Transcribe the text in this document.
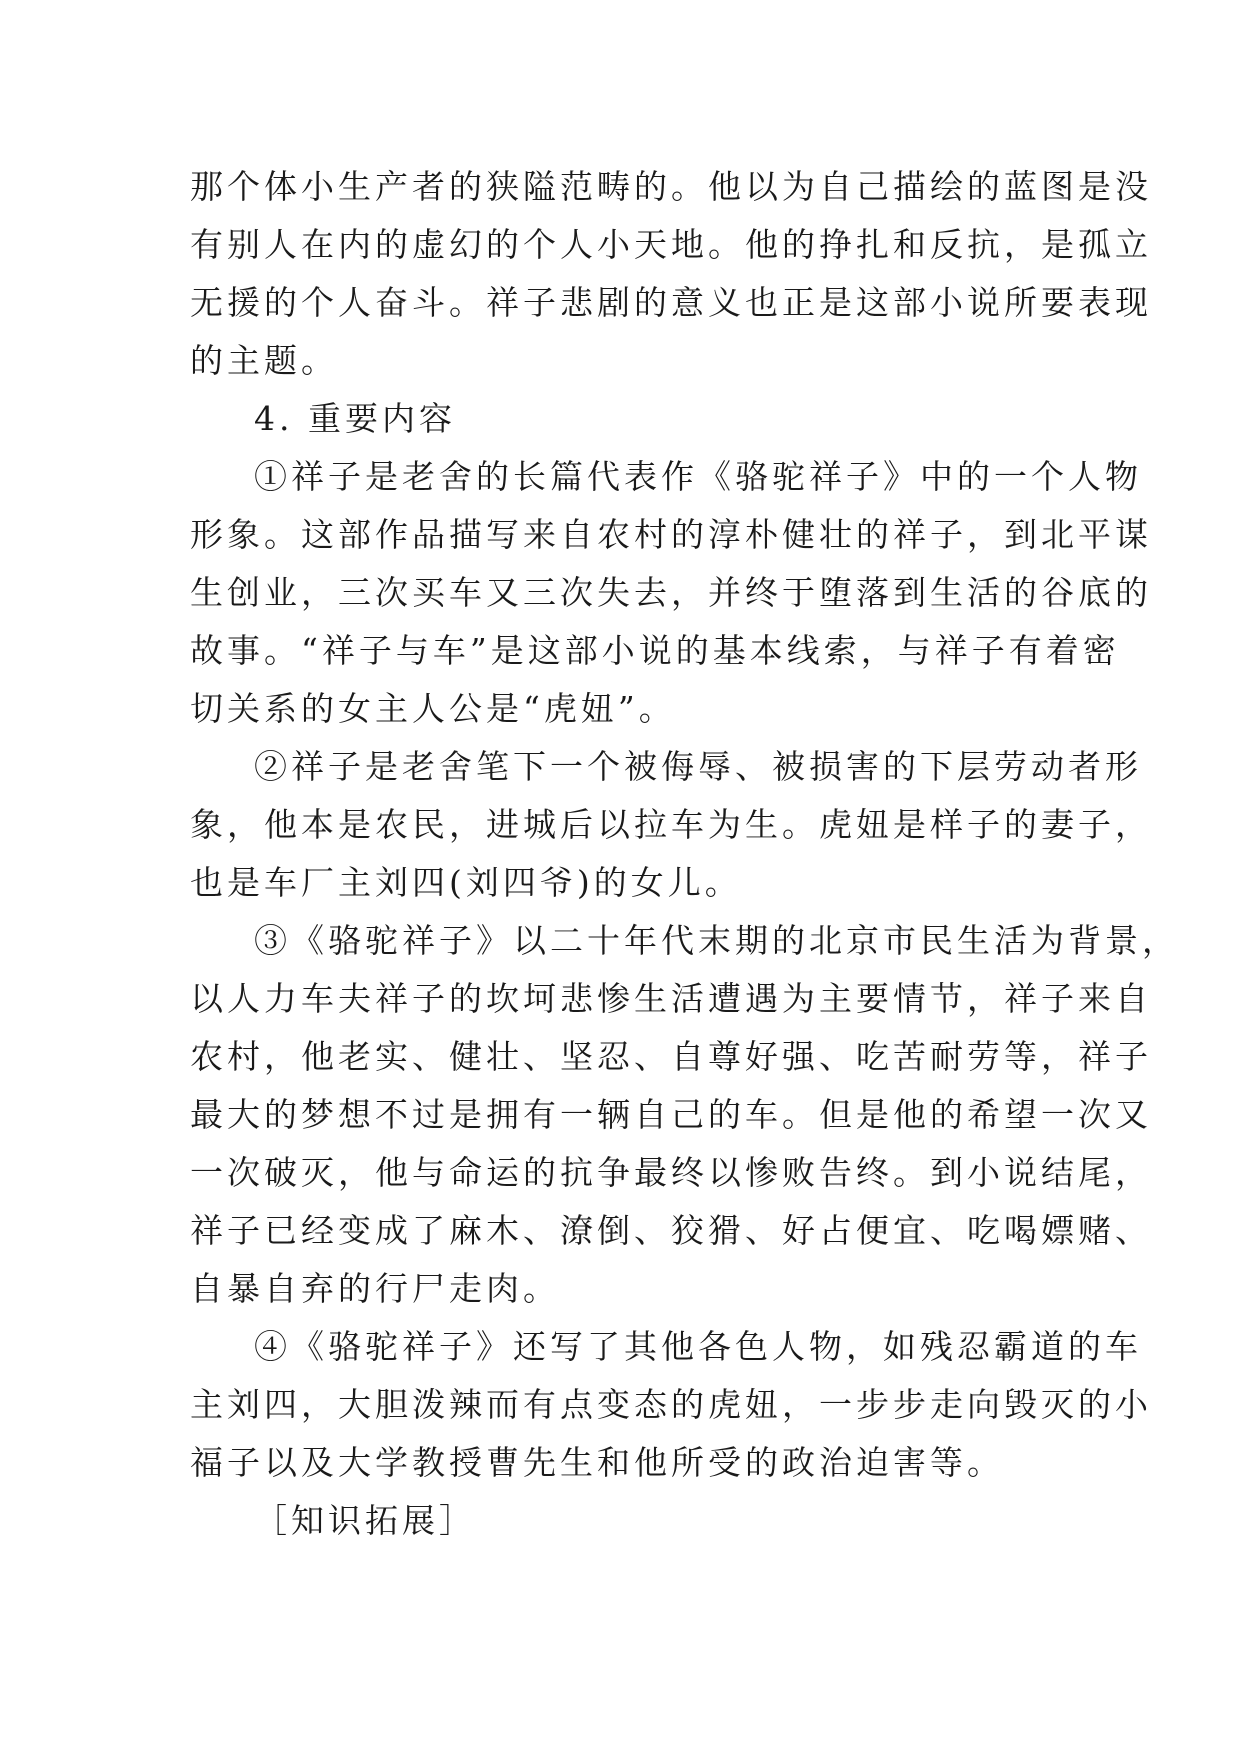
那个体小生产者的狭隘范畴的。他以为自己描绘的蓝图是没
有别人在内的虚幻的个人小天地。他的挣扎和反抗，是孤立
无援的个人奋斗。祥子悲剧的意义也正是这部小说所要表现
的主题。
4. 重要内容
①祥子是老舍的长篇代表作《骆驼祥子》中的一个人物
形象。这部作品描写来自农村的淳朴健壮的祥子，到北平谋
生创业，三次买车又三次失去，并终于堕落到生活的谷底的
故事。“祥子与车”是这部小说的基本线索，与祥子有着密
切关系的女主人公是“虎妞”。
②祥子是老舍笔下一个被侮辱、被损害的下层劳动者形
象，他本是农民，进城后以拉车为生。虎妞是样子的妻子，
也是车厂主刘四(刘四爷)的女儿。
③《骆驼祥子》以二十年代末期的北京市民生活为背景，
以人力车夫祥子的坎坷悲惨生活遭遇为主要情节，祥子来自
农村，他老实、健壮、坚忍、自尊好强、吃苦耐劳等，祥子
最大的梦想不过是拥有一辆自己的车。但是他的希望一次又
一次破灭，他与命运的抗争最终以惨败告终。到小说结尾，
祥子已经变成了麻木、潦倒、狡猾、好占便宜、吃喝嫖赌、
自暴自弃的行尸走肉。
④《骆驼祥子》还写了其他各色人物，如残忍霸道的车
主刘四，大胆泼辣而有点变态的虎妞，一步步走向毁灭的小
福子以及大学教授曹先生和他所受的政治迫害等。
［知识拓展］
